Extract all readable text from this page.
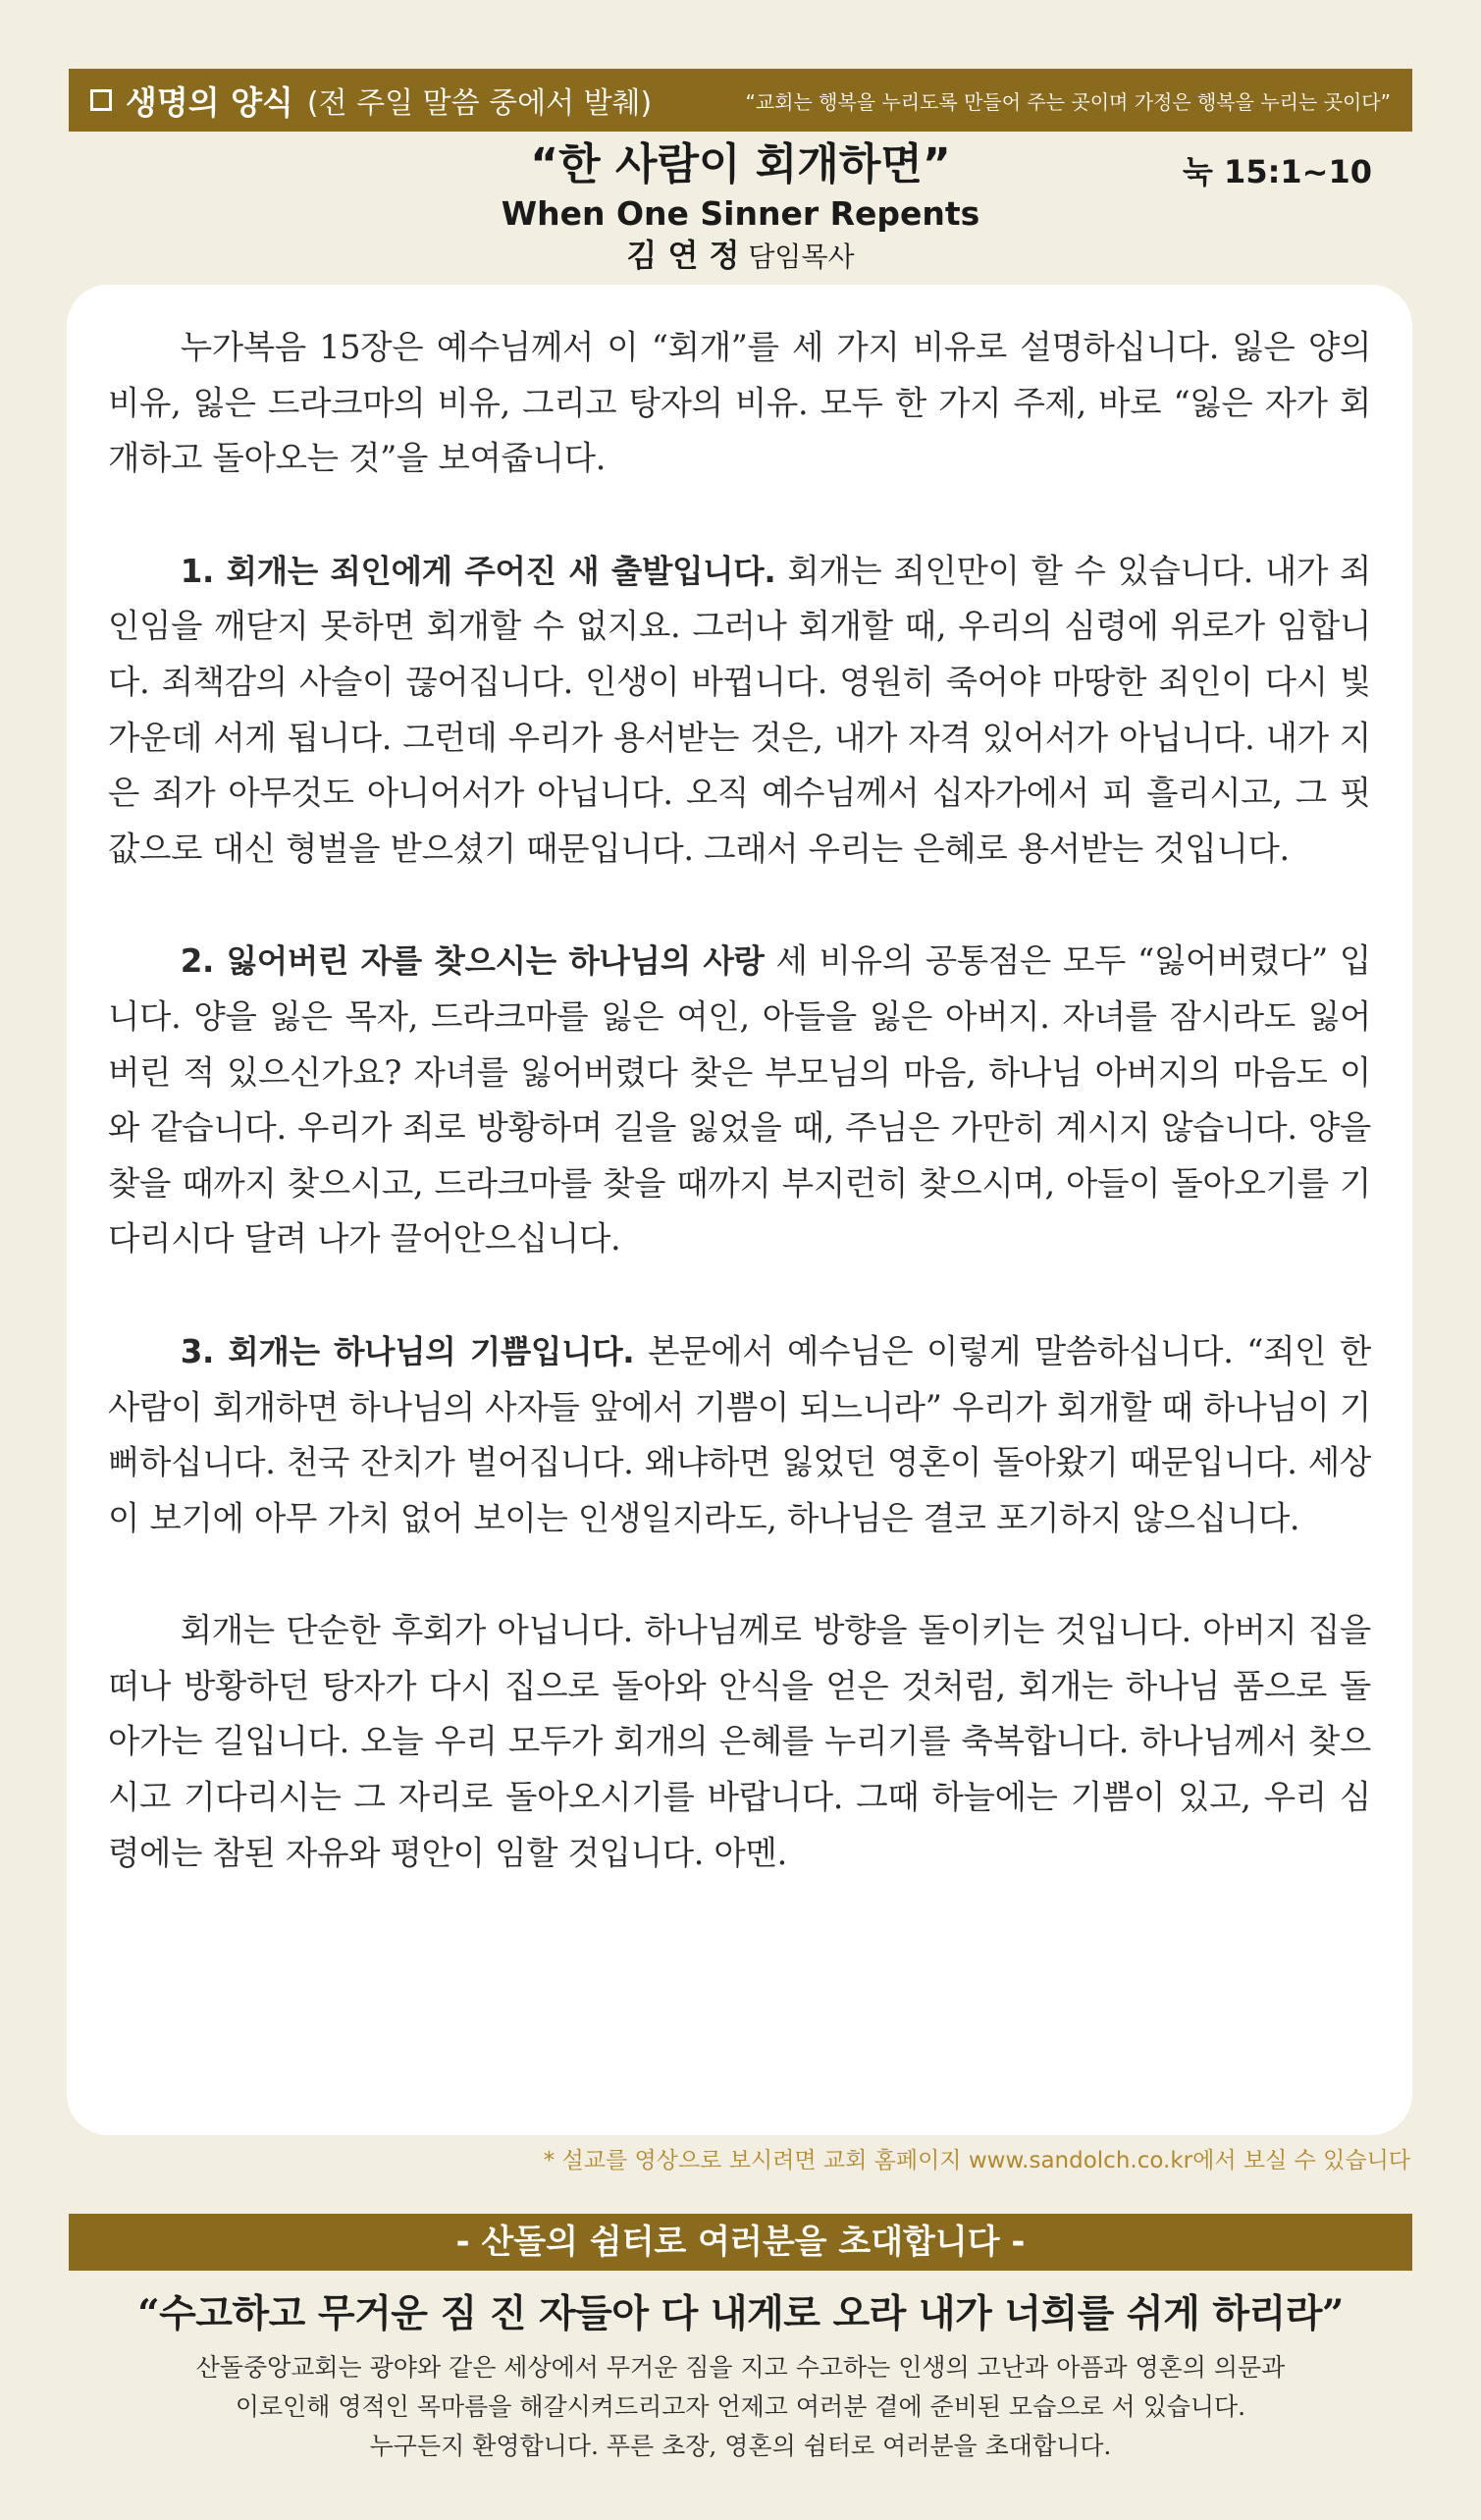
생명의 양식 (전 주일 말씀 중에서 발췌)	“교회는 행복을 누리도록 만들어 주는 곳이며 가정은 행복을 누리는 곳이다”
“한 사람이 회개하면”
When One Sinner Repents
김 연 정 담임목사
눅 15:1~10

누가복음 15장은 예수님께서 이 “회개”를 세 가지 비유로 설명하십니다. 잃은 양의 비유, 잃은 드라크마의 비유, 그리고 탕자의 비유. 모두 한 가지 주제, 바로 “잃은 자가 회개하고 돌아오는 것”을 보여줍니다.

1. 회개는 죄인에게 주어진 새 출발입니다. 회개는 죄인만이 할 수 있습니다. 내가 죄인임을 깨닫지 못하면 회개할 수 없지요. 그러나 회개할 때, 우리의 심령에 위로가 임합니다. 죄책감의 사슬이 끊어집니다. 인생이 바뀝니다. 영원히 죽어야 마땅한 죄인이 다시 빛 가운데 서게 됩니다. 그런데 우리가 용서받는 것은, 내가 자격 있어서가 아닙니다. 내가 지은 죄가 아무것도 아니어서가 아닙니다. 오직 예수님께서 십자가에서 피 흘리시고, 그 핏값으로 대신 형벌을 받으셨기 때문입니다. 그래서 우리는 은혜로 용서받는 것입니다.

2. 잃어버린 자를 찾으시는 하나님의 사랑 세 비유의 공통점은 모두 “잃어버렸다” 입니다. 양을 잃은 목자, 드라크마를 잃은 여인, 아들을 잃은 아버지. 자녀를 잠시라도 잃어버린 적 있으신가요? 자녀를 잃어버렸다 찾은 부모님의 마음, 하나님 아버지의 마음도 이와 같습니다. 우리가 죄로 방황하며 길을 잃었을 때, 주님은 가만히 계시지 않습니다. 양을 찾을 때까지 찾으시고, 드라크마를 찾을 때까지 부지런히 찾으시며, 아들이 돌아오기를 기다리시다 달려 나가 끌어안으십니다.

3. 회개는 하나님의 기쁨입니다. 본문에서 예수님은 이렇게 말씀하십니다. “죄인 한 사람이 회개하면 하나님의 사자들 앞에서 기쁨이 되느니라” 우리가 회개할 때 하나님이 기뻐하십니다. 천국 잔치가 벌어집니다. 왜냐하면 잃었던 영혼이 돌아왔기 때문입니다. 세상이 보기에 아무 가치 없어 보이는 인생일지라도, 하나님은 결코 포기하지 않으십니다.

회개는 단순한 후회가 아닙니다. 하나님께로 방향을 돌이키는 것입니다. 아버지 집을 떠나 방황하던 탕자가 다시 집으로 돌아와 안식을 얻은 것처럼, 회개는 하나님 품으로 돌아가는 길입니다. 오늘 우리 모두가 회개의 은혜를 누리기를 축복합니다. 하나님께서 찾으시고 기다리시는 그 자리로 돌아오시기를 바랍니다. 그때 하늘에는 기쁨이 있고, 우리 심령에는 참된 자유와 평안이 임할 것입니다. 아멘.

* 설교를 영상으로 보시려면 교회 홈페이지 www.sandolch.co.kr에서 보실 수 있습니다
- 산돌의 쉼터로 여러분을 초대합니다 -
“수고하고 무거운 짐 진 자들아 다 내게로 오라 내가 너희를 쉬게 하리라”
산돌중앙교회는 광야와 같은 세상에서 무거운 짐을 지고 수고하는 인생의 고난과 아픔과 영혼의 의문과
이로인해 영적인 목마름을 해갈시켜드리고자 언제고 여러분 곁에 준비된 모습으로 서 있습니다.
누구든지 환영합니다. 푸른 초장, 영혼의 쉼터로 여러분을 초대합니다.
